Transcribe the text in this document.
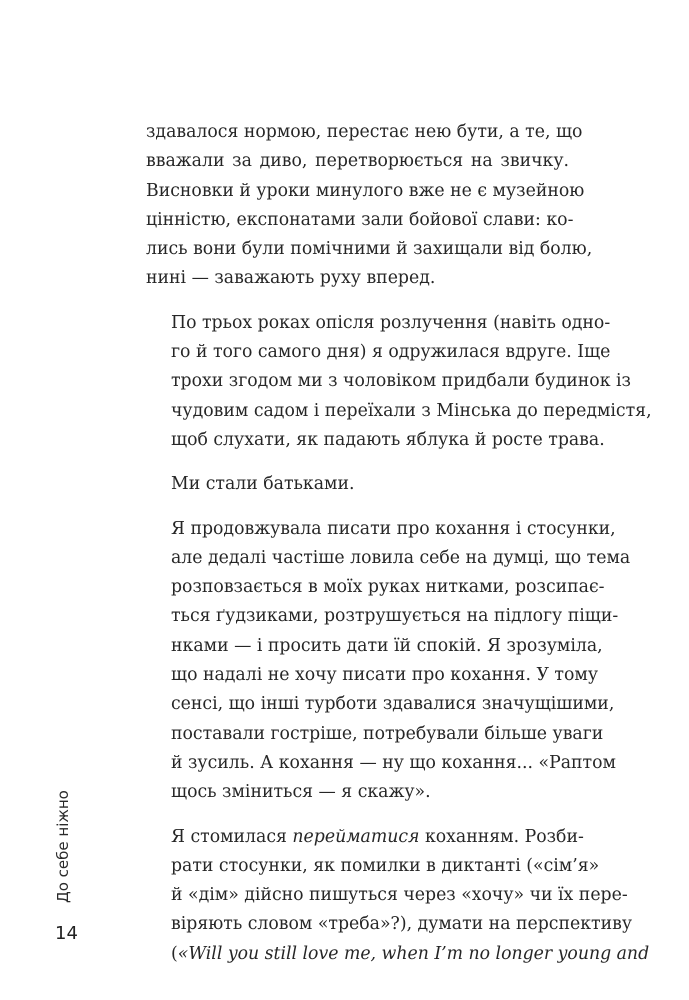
здавалося нормою, перестає нею бути, а те, що
вважали за диво, перетворюється на звичку.
Висновки й уроки минулого вже не є музейною
цінністю, експонатами зали бойової слави: ко-
лись вони були помічними й захищали від болю,
нині — заважають руху вперед.

По трьох роках опісля розлучення (навіть одно-
го й того самого дня) я одружилася вдруге. Іще
трохи згодом ми з чоловіком придбали будинок із
чудовим садом і переїхали з Мінська до передмістя,
щоб слухати, як падають яблука й росте трава.

Ми стали батьками.

Я продовжувала писати про кохання і стосунки,
але дедалі частіше ловила себе на думці, що тема
розповзається в моїх руках нитками, розсипає-
ться ґудзиками, розтрушується на підлогу піщи-
нками — і просить дати їй спокій. Я зрозуміла,
що надалі не хочу писати про кохання. У тому
сенсі, що інші турботи здавалися значущішими,
поставали гостріше, потребували більше уваги
й зусиль. А кохання — ну що кохання... «Раптом
щось зміниться — я скажу».

Я стомилася перейматися коханням. Розби-
рати стосунки, як помилки в диктанті («сім’я»
й «дім» дійсно пишуться через «хочу» чи їх пере-
віряють словом «треба»?), думати на перспективу
(«Will you still love me, when I’m no longer young and

До себе ніжно
14
